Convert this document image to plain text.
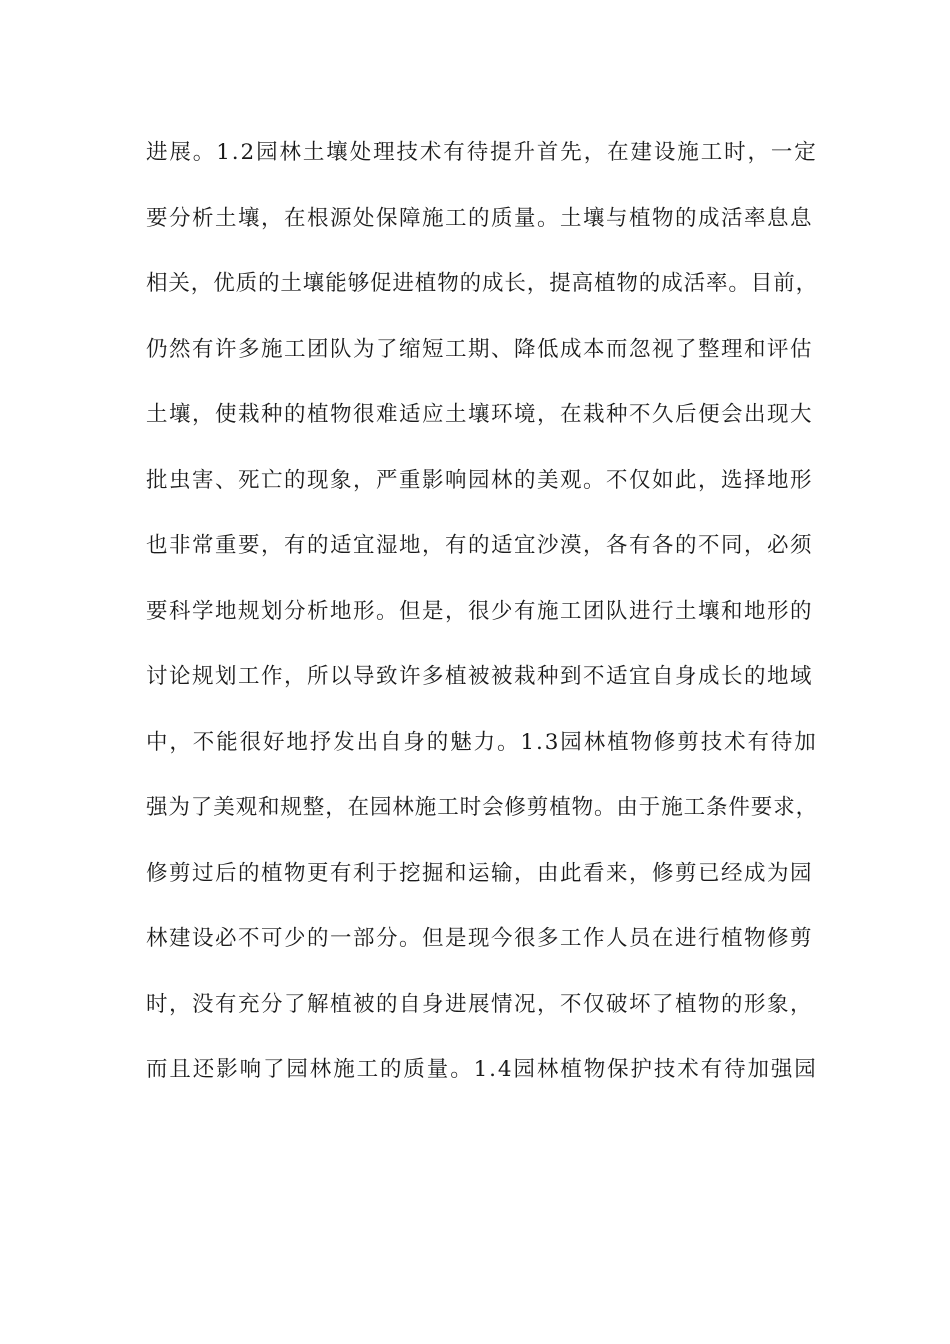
进展。1.2园林土壤处理技术有待提升首先，在建设施工时，一定
要分析土壤，在根源处保障施工的质量。土壤与植物的成活率息息
相关，优质的土壤能够促进植物的成长，提高植物的成活率。目前，
仍然有许多施工团队为了缩短工期、降低成本而忽视了整理和评估
土壤，使栽种的植物很难适应土壤环境，在栽种不久后便会出现大
批虫害、死亡的现象，严重影响园林的美观。不仅如此，选择地形
也非常重要，有的适宜湿地，有的适宜沙漠，各有各的不同，必须
要科学地规划分析地形。但是，很少有施工团队进行土壤和地形的
讨论规划工作，所以导致许多植被被栽种到不适宜自身成长的地域
中，不能很好地抒发出自身的魅力。1.3园林植物修剪技术有待加
强为了美观和规整，在园林施工时会修剪植物。由于施工条件要求，
修剪过后的植物更有利于挖掘和运输，由此看来，修剪已经成为园
林建设必不可少的一部分。但是现今很多工作人员在进行植物修剪
时，没有充分了解植被的自身进展情况，不仅破坏了植物的形象，
而且还影响了园林施工的质量。1.4园林植物保护技术有待加强园
